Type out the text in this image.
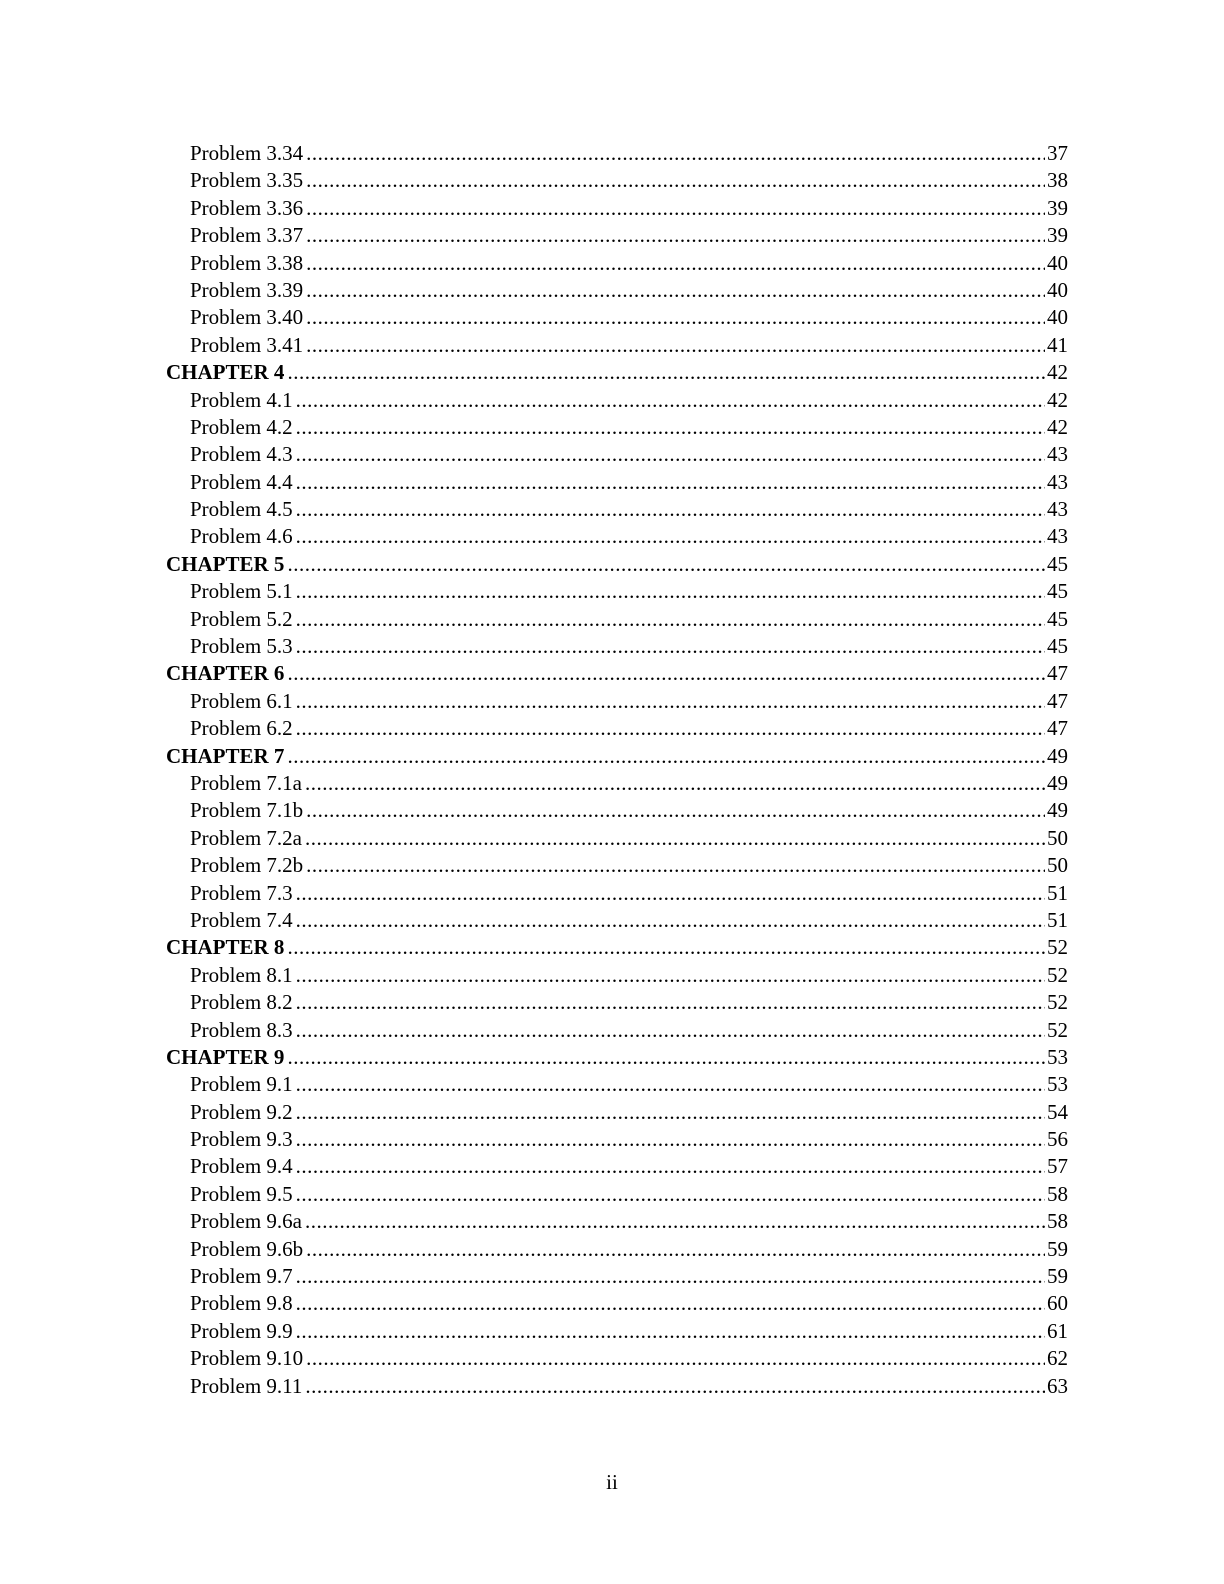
Problem 3.34 .....	37
Problem 3.35 .....	38
Problem 3.36 .....	39
Problem 3.37 .....	39
Problem 3.38 .....	40
Problem 3.39 .....	40
Problem 3.40 .....	40
Problem 3.41 .....	41
CHAPTER 4 .....	42
Problem 4.1 .....	42
Problem 4.2 .....	42
Problem 4.3 .....	43
Problem 4.4 .....	43
Problem 4.5 .....	43
Problem 4.6 .....	43
CHAPTER 5 .....	45
Problem 5.1 .....	45
Problem 5.2 .....	45
Problem 5.3 .....	45
CHAPTER 6 .....	47
Problem 6.1 .....	47
Problem 6.2 .....	47
CHAPTER 7 .....	49
Problem 7.1a .....	49
Problem 7.1b .....	49
Problem 7.2a .....	50
Problem 7.2b .....	50
Problem 7.3 .....	51
Problem 7.4 .....	51
CHAPTER 8 .....	52
Problem 8.1 .....	52
Problem 8.2 .....	52
Problem 8.3 .....	52
CHAPTER 9 .....	53
Problem 9.1 .....	53
Problem 9.2 .....	54
Problem 9.3 .....	56
Problem 9.4 .....	57
Problem 9.5 .....	58
Problem 9.6a .....	58
Problem 9.6b .....	59
Problem 9.7 .....	59
Problem 9.8 .....	60
Problem 9.9 .....	61
Problem 9.10 .....	62
Problem 9.11 .....	63
ii
